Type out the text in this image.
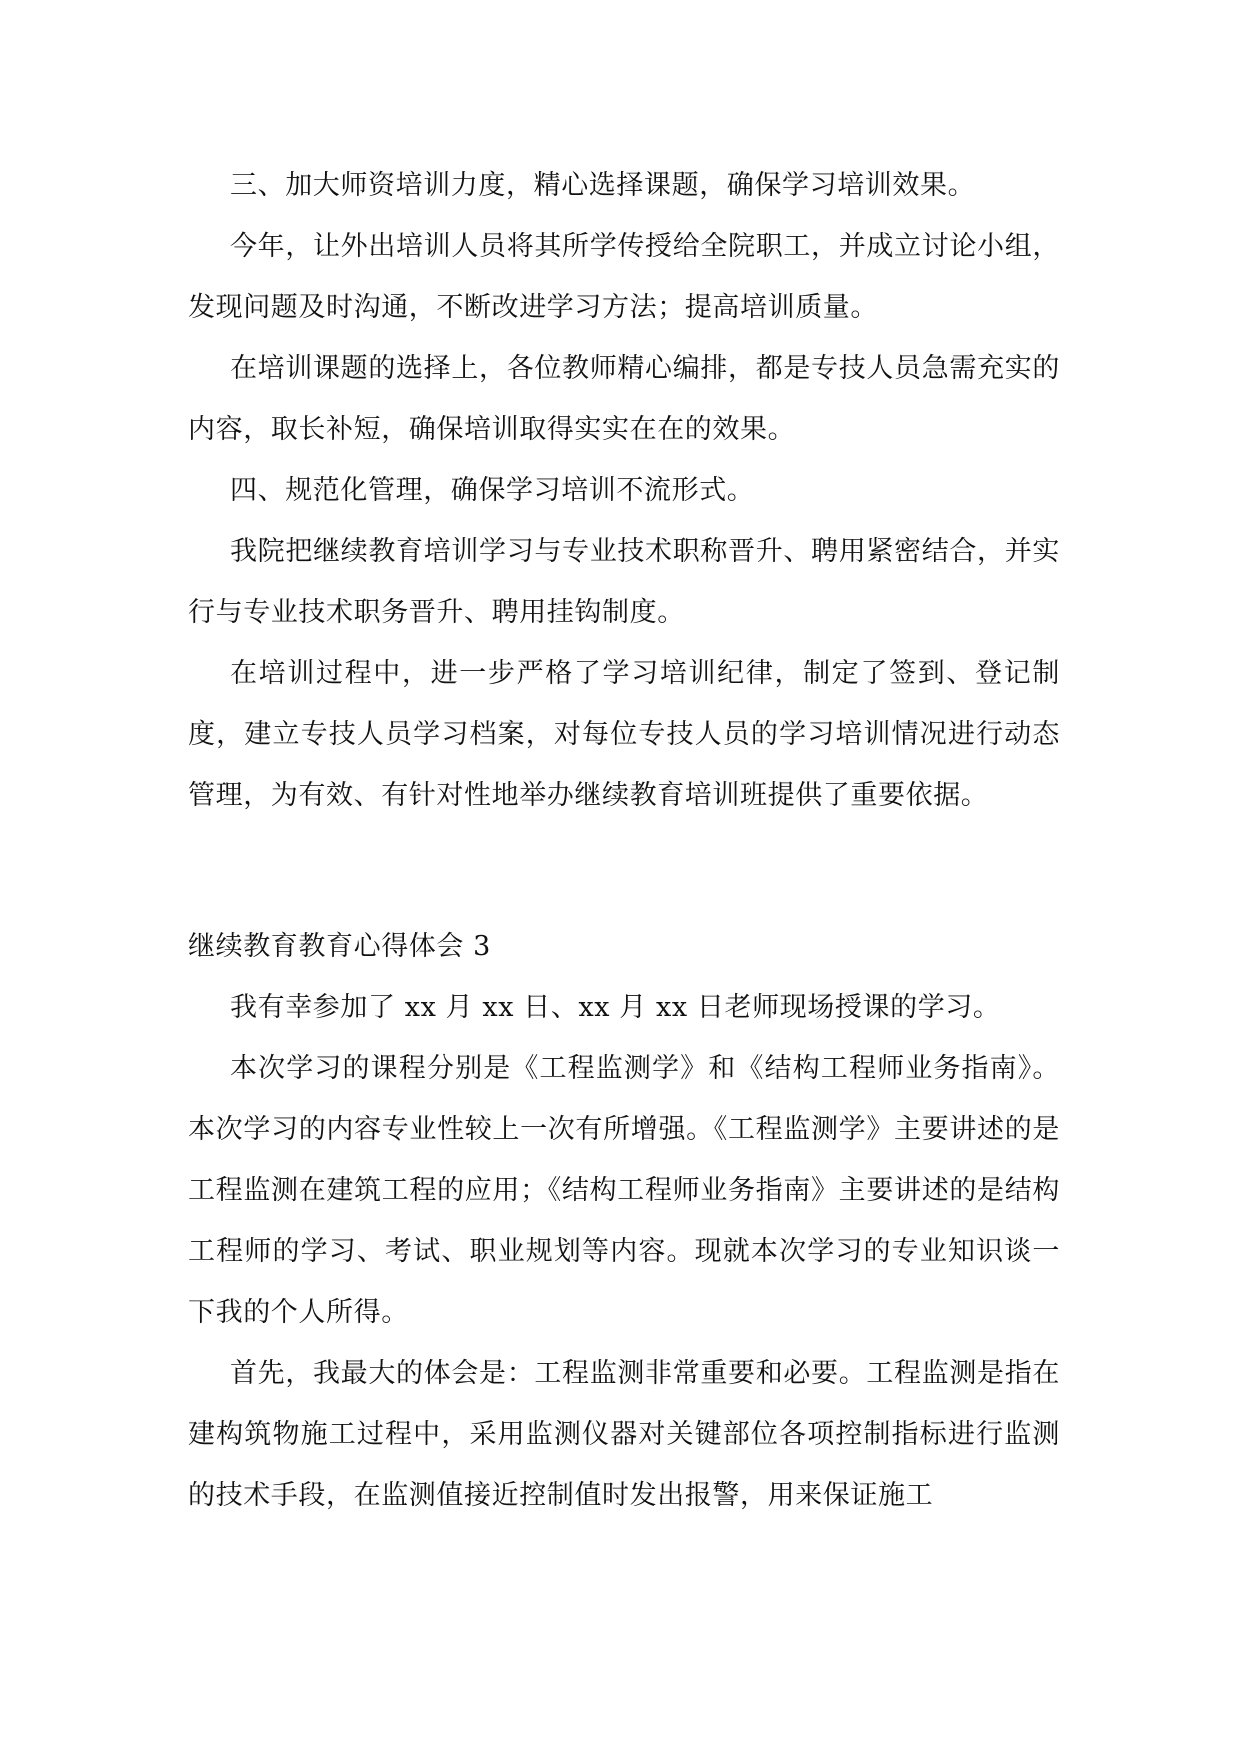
三、加大师资培训力度，精心选择课题，确保学习培训效果。

今年，让外出培训人员将其所学传授给全院职工，并成立讨论小组，发现问题及时沟通，不断改进学习方法；提高培训质量。

在培训课题的选择上，各位教师精心编排，都是专技人员急需充实的内容，取长补短，确保培训取得实实在在的效果。

四、规范化管理，确保学习培训不流形式。

我院把继续教育培训学习与专业技术职称晋升、聘用紧密结合，并实行与专业技术职务晋升、聘用挂钩制度。

在培训过程中，进一步严格了学习培训纪律，制定了签到、登记制度，建立专技人员学习档案，对每位专技人员的学习培训情况进行动态管理，为有效、有针对性地举办继续教育培训班提供了重要依据。

继续教育教育心得体会 3

我有幸参加了 xx 月 xx 日、xx 月 xx 日老师现场授课的学习。

本次学习的课程分别是《工程监测学》和《结构工程师业务指南》。本次学习的内容专业性较上一次有所增强。《工程监测学》主要讲述的是工程监测在建筑工程的应用；《结构工程师业务指南》主要讲述的是结构工程师的学习、考试、职业规划等内容。现就本次学习的专业知识谈一下我的个人所得。

首先，我最大的体会是：工程监测非常重要和必要。工程监测是指在建构筑物施工过程中，采用监测仪器对关键部位各项控制指标进行监测的技术手段，在监测值接近控制值时发出报警，用来保证施工
